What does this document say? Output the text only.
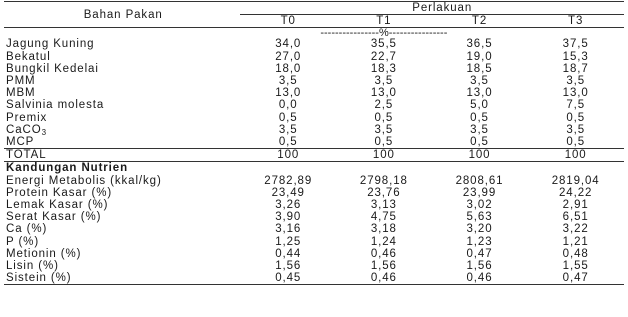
Bahan Pakan	Perlakuan			
	T0	T1	T2	T3
	----------------%----------------			
Jagung Kuning	34,0	35,5	36,5	37,5
Bekatul	27,0	22,7	19,0	15,3
Bungkil Kedelai	18,0	18,3	18,5	18,7
PMM	3,5	3,5	3,5	3,5
MBM	13,0	13,0	13,0	13,0
Salvinia molesta	0,0	2,5	5,0	7,5
Premix	0,5	0,5	0,5	0,5
CaCO$_3$	3,5	3,5	3,5	3,5
MCP	0,5	0,5	0,5	0,5
TOTAL	100	100	100	100
Kandungan Nutrien				
Energi Metabolis (kkal/kg)	2782,89	2798,18	2808,61	2819,04
Protein Kasar (%)	23,49	23,76	23,99	24,22
Lemak Kasar (%)	3,26	3,13	3,02	2,91
Serat Kasar (%)	3,90	4,75	5,63	6,51
Ca (%)	3,16	3,18	3,20	3,22
P (%)	1,25	1,24	1,23	1,21
Metionin (%)	0,44	0,46	0,47	0,48
Lisin (%)	1,56	1,56	1,56	1,55
Sistein (%)	0,45	0,46	0,46	0,47
